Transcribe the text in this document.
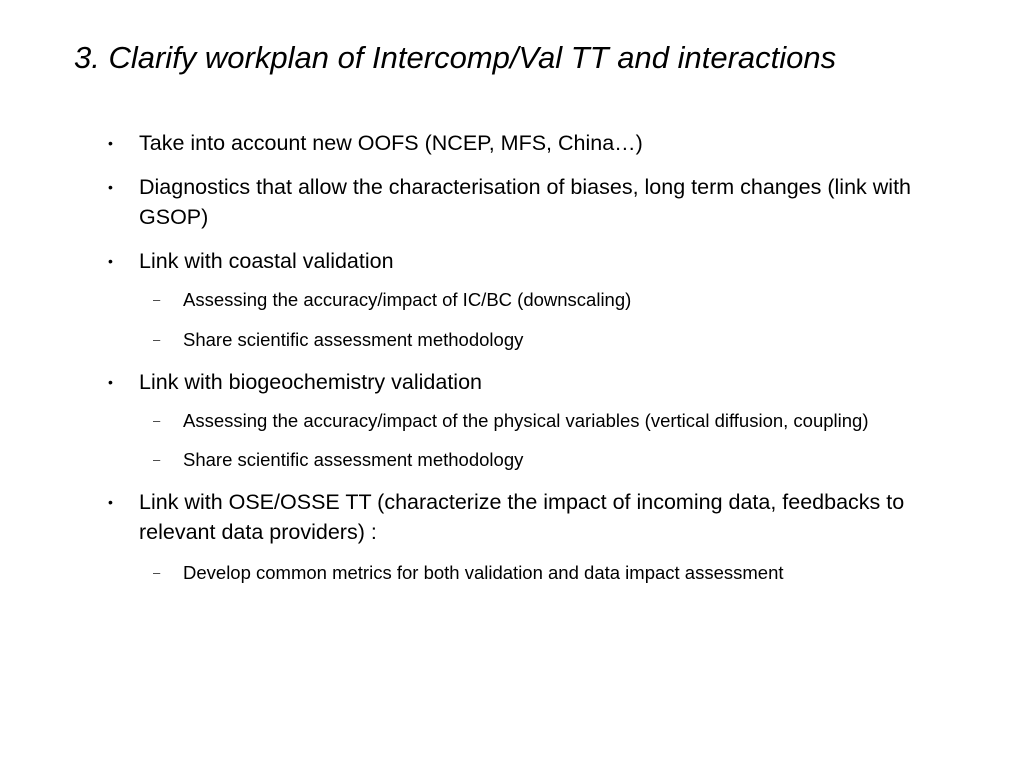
3. Clarify workplan of Intercomp/Val TT and interactions
• Take into account new OOFS (NCEP, MFS, China…)
• Diagnostics that allow the characterisation of biases, long term changes (link with GSOP)
• Link with coastal validation
– Assessing the accuracy/impact of IC/BC (downscaling)
– Share scientific assessment methodology
• Link with biogeochemistry validation
– Assessing the accuracy/impact of the physical variables (vertical diffusion, coupling)
– Share scientific assessment methodology
• Link with OSE/OSSE TT (characterize the impact of incoming data, feedbacks to relevant data providers) :
– Develop common metrics for both validation and data impact assessment
